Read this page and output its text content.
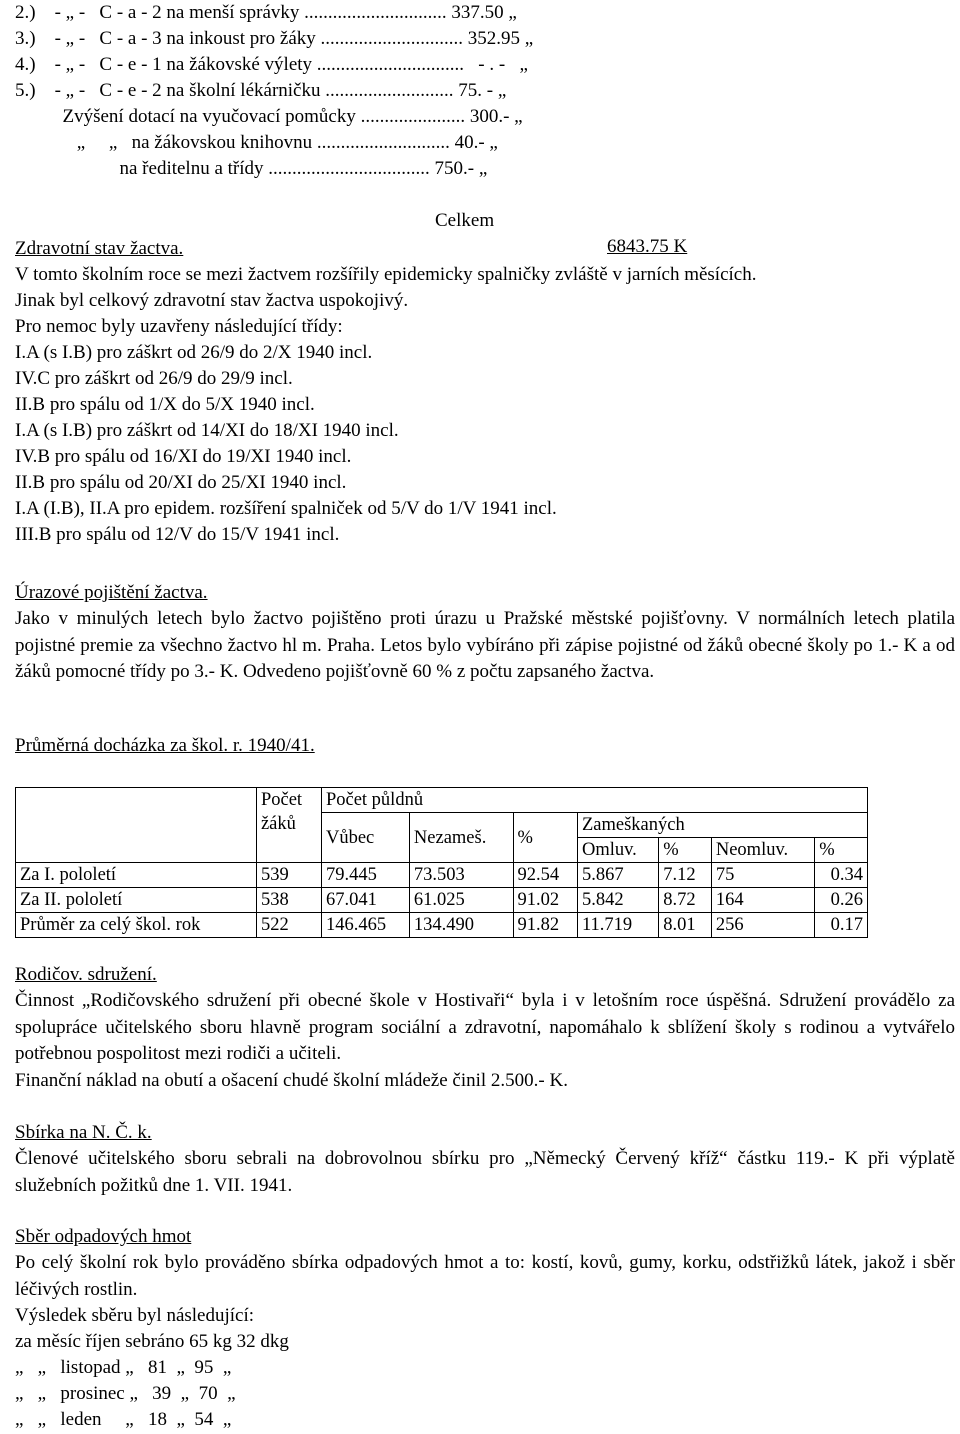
2.)    - „ -   C - a - 2 na menší správky .............................. 337.50 „
3.)    - „ -   C - a - 3 na inkoust pro žáky .............................. 352.95 „
4.)    - „ -   C - e - 1 na žákovské výlety ...............................   - . -   „
5.)    - „ -   C - e - 2 na školní lékárničku ........................... 75. - „
Zvýšení dotací na vyučovací pomůcky ...................... 300.- „
„     „   na žákovskou knihovnu ............................ 40.- „
na ředitelnu a třídy .................................. 750.- „

Celkem

6843.75 K

Zdravotní stav žactva.
V tomto školním roce se mezi žactvem rozšířily epidemicky spalničky zvláště v jarních měsících.
Jinak byl celkový zdravotní stav žactva uspokojivý.
Pro nemoc byly uzavřeny následující třídy:
I.A (s I.B) pro záškrt od 26/9 do 2/X 1940 incl.
IV.C pro záškrt od 26/9 do 29/9 incl.
II.B pro spálu od 1/X do 5/X 1940 incl.
I.A (s I.B) pro záškrt od 14/XI do 18/XI 1940 incl.
IV.B pro spálu od 16/XI do 19/XI 1940 incl.
II.B pro spálu od 20/XI do 25/XI 1940 incl.
I.A (I.B), II.A pro epidem. rozšíření spalniček od 5/V do 1/V 1941 incl.
III.B pro spálu od 12/V do 15/V 1941 incl.
Úrazové pojištění žactva.

Jako v minulých letech bylo žactvo pojištěno proti úrazu u Pražské městské pojišťovny. V normálních letech platila pojistné premie za všechno žactvo hl m. Praha. Letos bylo vybíráno při zápise pojistné od žáků obecné školy po 1.- K a od žáků pomocné třídy po 3.- K. Odvedeno pojišťovně 60 % z počtu zapsaného žactva.

Průměrná docházka za škol. r. 1940/41.
	Počet žáků	Počet půldnů						
		Vůbec	Nezameš.	%	Zameškaných			
					Omluv.	%	Neomluv.	%
Za I. pololetí	539	79.445	73.503	92.54	5.867	7.12	75	0.34
Za II. pololetí	538	67.041	61.025	91.02	5.842	8.72	164	0.26
Průměr za celý škol. rok	522	146.465	134.490	91.82	11.719	8.01	256	0.17
Rodičov. sdružení.

Činnost „Rodičovského sdružení při obecné škole v Hostivaři“ byla i v letošním roce úspěšná. Sdružení provádělo za spolupráce učitelského sboru hlavně program sociální a zdravotní, napomáhalo k sblížení školy s rodinou a vytvářelo potřebnou pospolitost mezi rodiči a učiteli.

Finanční náklad na obutí a ošacení chudé školní mládeže činil 2.500.- K.
Sbírka na N. Č. k.

Členové učitelského sboru sebrali na dobrovolnou sbírku pro „Německý Červený kříž“ částku 119.- K při výplatě služebních požitků dne 1. VII. 1941.

Sběr odpadových hmot

Po celý školní rok bylo prováděno sbírka odpadových hmot a to: kostí, kovů, gumy, korku, odstřižků látek, jakož i sběr léčivých rostlin.

Výsledek sběru byl následující:
za měsíc říjen sebráno 65 kg 32 dkg
„   „   listopad „   81  „  95  „
„   „   prosinec „   39  „  70  „
„   „   leden     „   18  „  54  „
